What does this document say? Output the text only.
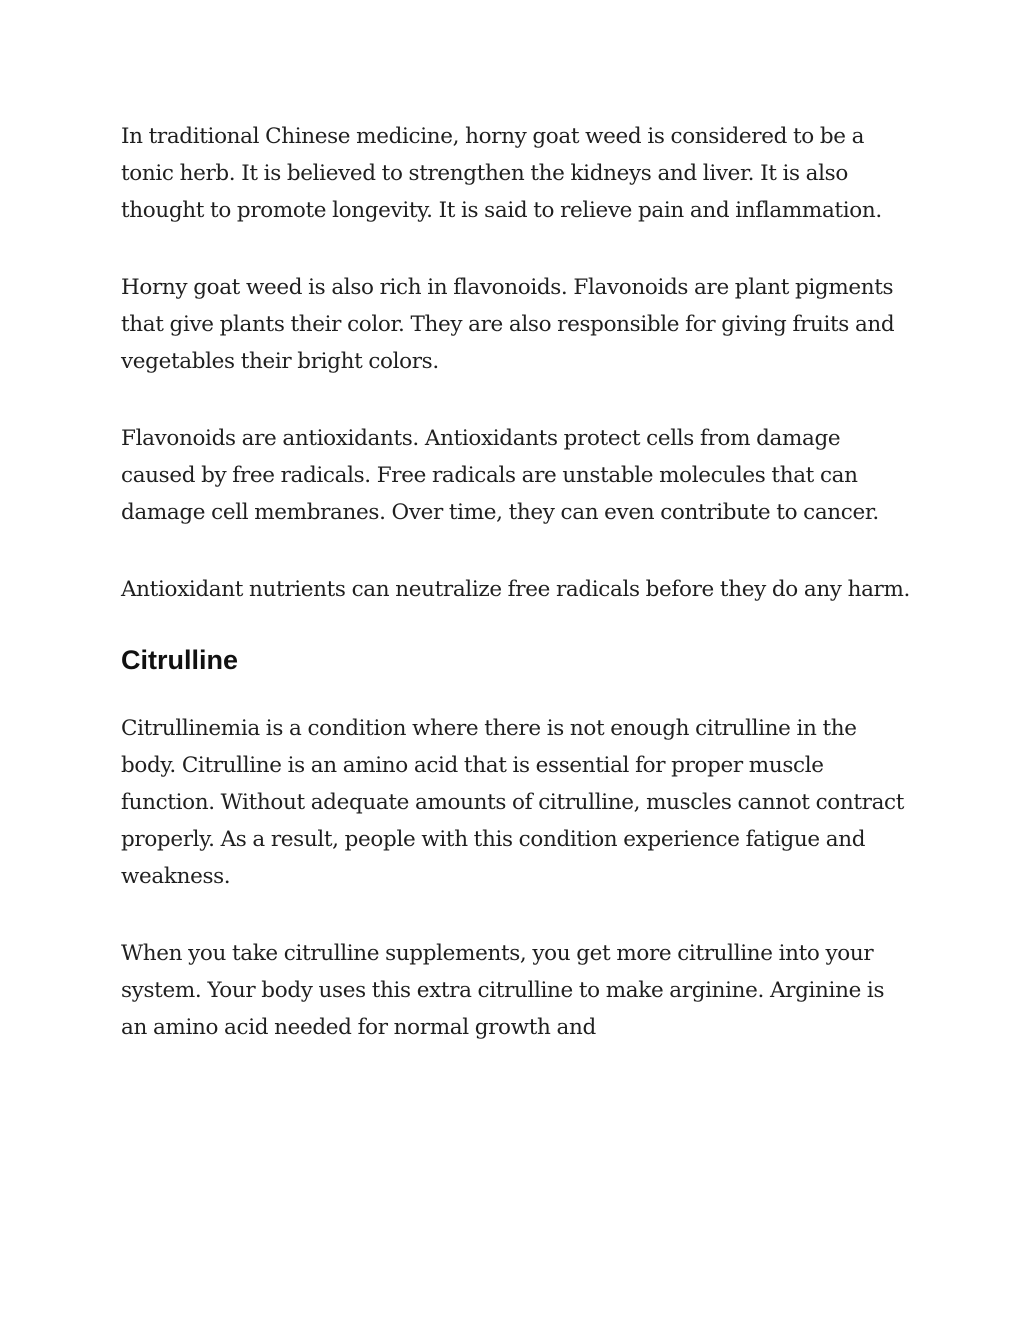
In traditional Chinese medicine, horny goat weed is considered to be a tonic herb. It is believed to strengthen the kidneys and liver. It is also thought to promote longevity. It is said to relieve pain and inflammation.

Horny goat weed is also rich in flavonoids. Flavonoids are plant pigments that give plants their color. They are also responsible for giving fruits and vegetables their bright colors.

Flavonoids are antioxidants. Antioxidants protect cells from damage caused by free radicals. Free radicals are unstable molecules that can damage cell membranes. Over time, they can even contribute to cancer.

Antioxidant nutrients can neutralize free radicals before they do any harm.

Citrulline

Citrullinemia is a condition where there is not enough citrulline in the body. Citrulline is an amino acid that is essential for proper muscle function. Without adequate amounts of citrulline, muscles cannot contract properly. As a result, people with this condition experience fatigue and weakness.

When you take citrulline supplements, you get more citrulline into your system. Your body uses this extra citrulline to make arginine. Arginine is an amino acid needed for normal growth and
